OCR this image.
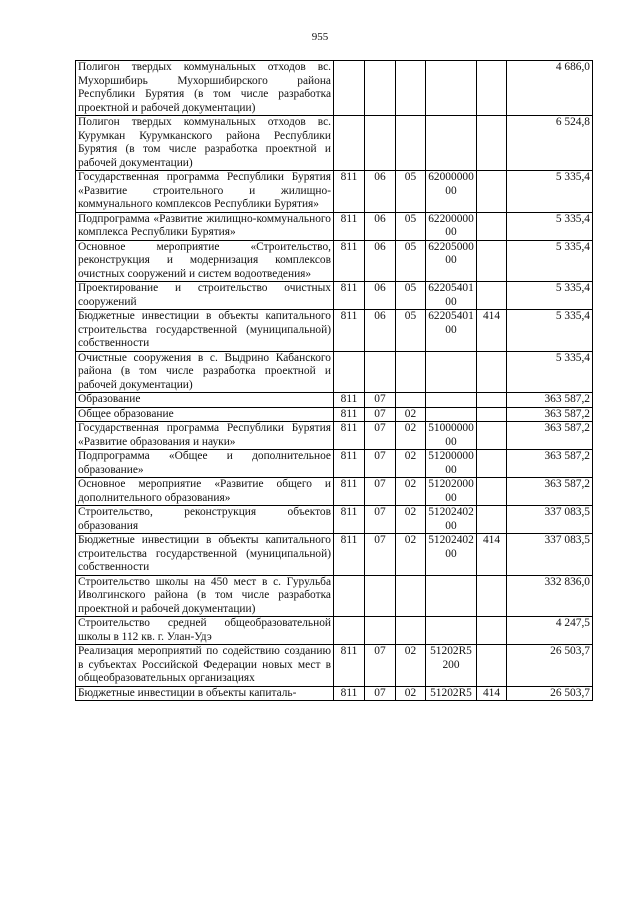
955
Полигон твердых коммунальных отходов вс. Мухоршибирь Мухоршибирского района Республики Бурятия (в том числе разработка проектной и рабочей документации)						4 686,0
Полигон твердых коммунальных отходов вс. Курумкан Курумканского района Республики Бурятия (в том числе разработка проектной и рабочей документации)						6 524,8
Государственная программа Республики Бурятия «Развитие строительного и жилищно-коммунального комплексов Республики Бурятия»	811	06	05	6200000000		5 335,4
Подпрограмма «Развитие жилищно-коммунального комплекса Республики Бурятия»	811	06	05	6220000000		5 335,4
Основное мероприятие «Строительство, реконструкция и модернизация комплексов очистных сооружений и систем водоотведения»	811	06	05	6220500000		5 335,4
Проектирование и строительство очистных сооружений	811	06	05	6220540100		5 335,4
Бюджетные инвестиции в объекты капитального строительства государственной (муниципальной) собственности	811	06	05	6220540100	414	5 335,4
Очистные сооружения в с. Выдрино Кабанского района (в том числе разработка проектной и рабочей документации)						5 335,4
Образование	811	07				363 587,2
Общее образование	811	07	02			363 587,2
Государственная программа Республики Бурятия «Развитие образования и науки»	811	07	02	5100000000		363 587,2
Подпрограмма «Общее и дополнительное образование»	811	07	02	5120000000		363 587,2
Основное мероприятие «Развитие общего и дополнительного образования»	811	07	02	5120200000		363 587,2
Строительство, реконструкция объектов образования	811	07	02	5120240200		337 083,5
Бюджетные инвестиции в объекты капитального строительства государственной (муниципальной) собственности	811	07	02	5120240200	414	337 083,5
Строительство школы на 450 мест в с. Гурульба Иволгинского района (в том числе разработка проектной и рабочей документации)						332 836,0
Строительство средней общеобразовательной школы в 112 кв. г. Улан-Удэ						4 247,5
Реализация мероприятий по содействию созданию в субъектах Российской Федерации новых мест в общеобразовательных организациях	811	07	02	51202R5200		26 503,7
Бюджетные инвестиции в объекты капиталь-	811	07	02	51202R5	414	26 503,7
